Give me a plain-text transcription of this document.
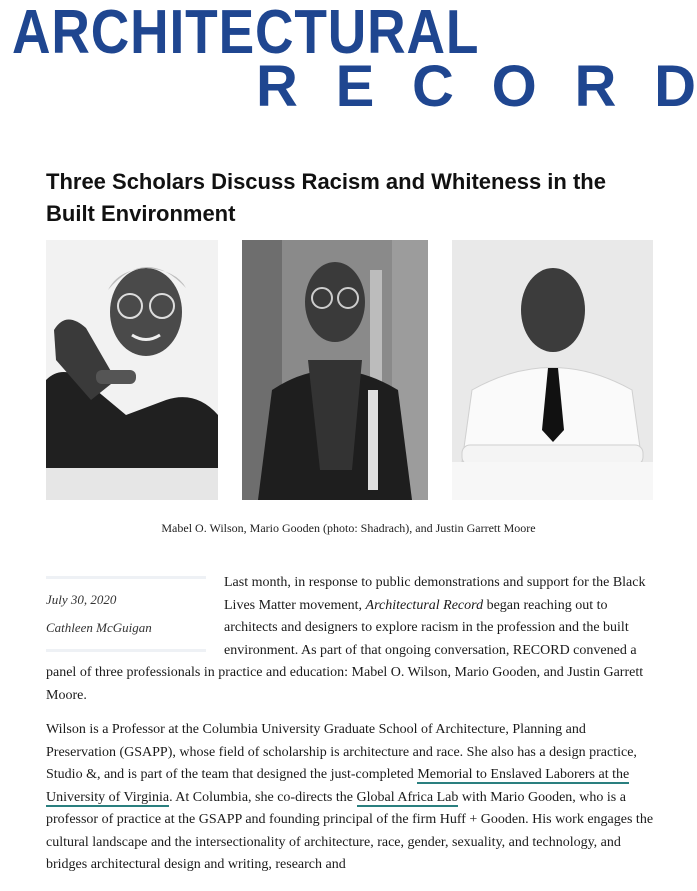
ARCHITECTURAL
R E C O R D
Three Scholars Discuss Racism and Whiteness in the Built Environment
Mabel O. Wilson, Mario Gooden (photo: Shadrach), and Justin Garrett Moore
July 30, 2020
Cathleen McGuigan

Last month, in response to public demonstrations and support for the Black Lives Matter movement, Architectural Record began reaching out to architects and designers to explore racism in the profession and the built environment. As part of that ongoing conversation, RECORD convened a panel of three professionals in practice and education: Mabel O. Wilson, Mario Gooden, and Justin Garrett Moore.

Wilson is a Professor at the Columbia University Graduate School of Architecture, Planning and Preservation (GSAPP), whose field of scholarship is architecture and race. She also has a design practice, Studio &, and is part of the team that designed the just-completed Memorial to Enslaved Laborers at the University of Virginia. At Columbia, she co-directs the Global Africa Lab with Mario Gooden, who is a professor of practice at the GSAPP and founding principal of the firm Huff + Gooden. His work engages the cultural landscape and the intersectionality of architecture, race, gender, sexuality, and technology, and bridges architectural design and writing, research and
